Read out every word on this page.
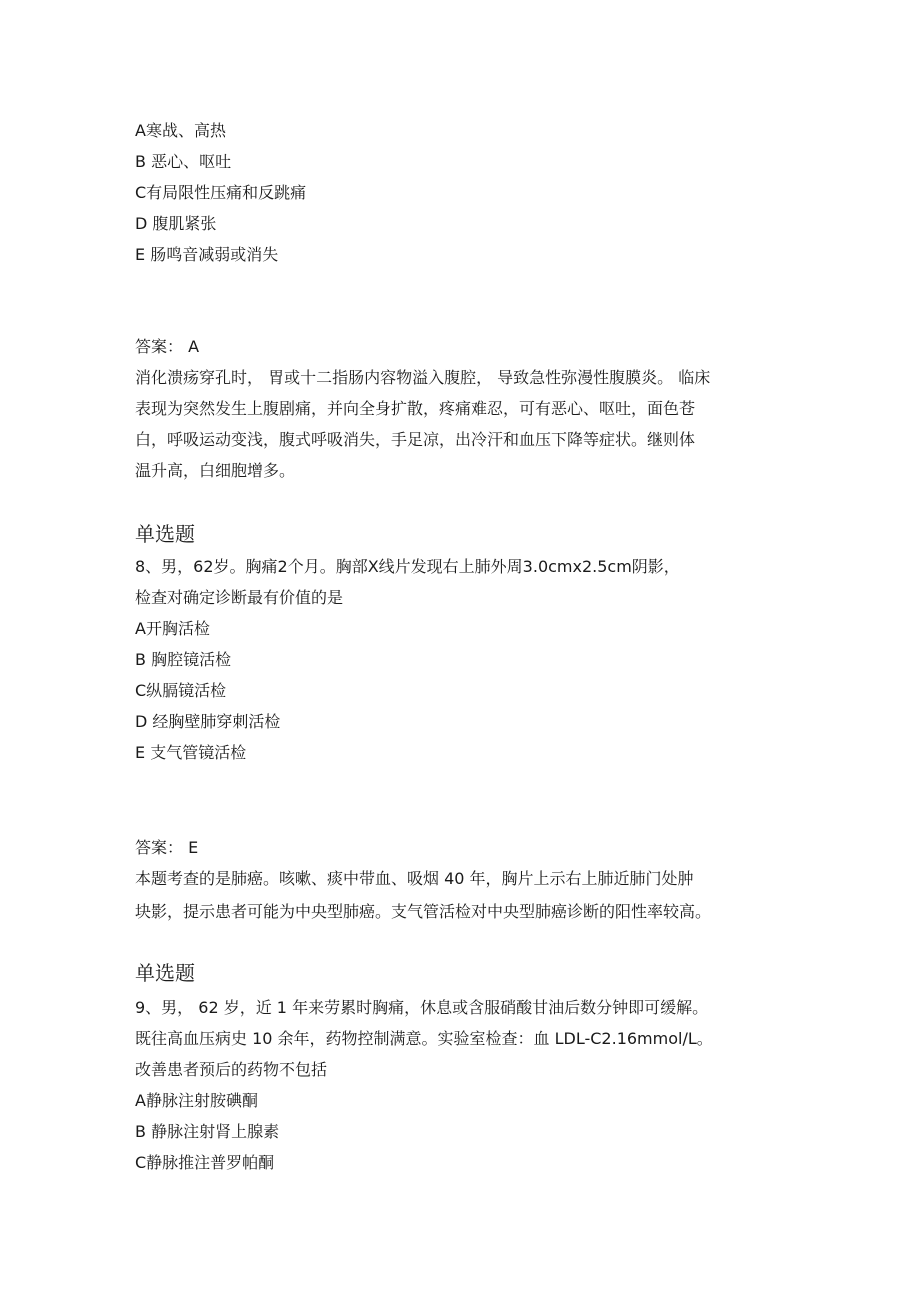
A寒战、高热
B 恶心、呕吐
C有局限性压痛和反跳痛
D 腹肌紧张
E 肠鸣音减弱或消失
答案： A
消化溃疡穿孔时， 胃或十二指肠内容物溢入腹腔， 导致急性弥漫性腹膜炎。 临床
表现为突然发生上腹剧痛，并向全身扩散，疼痛难忍，可有恶心、呕吐，面色苍
白，呼吸运动变浅，腹式呼吸消失，手足凉，出冷汗和血压下降等症状。继则体
温升高，白细胞增多。
单选题
8、男，62岁。胸痛2个月。胸部X线片发现右上肺外周3.0cmx2.5cm阴影，
检查对确定诊断最有价值的是
A开胸活检
B 胸腔镜活检
C纵膈镜活检
D 经胸壁肺穿刺活检
E 支气管镜活检
答案： E
本题考查的是肺癌。咳嗽、痰中带血、吸烟 40 年，胸片上示右上肺近肺门处肿
块影，提示患者可能为中央型肺癌。支气管活检对中央型肺癌诊断的阳性率较高。
单选题
9、男， 62 岁，近 1 年来劳累时胸痛，休息或含服硝酸甘油后数分钟即可缓解。
既往高血压病史 10 余年，药物控制满意。实验室检查：血 LDL-C2.16mmol/L。
改善患者预后的药物不包括
A静脉注射胺碘酮
B 静脉注射肾上腺素
C静脉推注普罗帕酮
